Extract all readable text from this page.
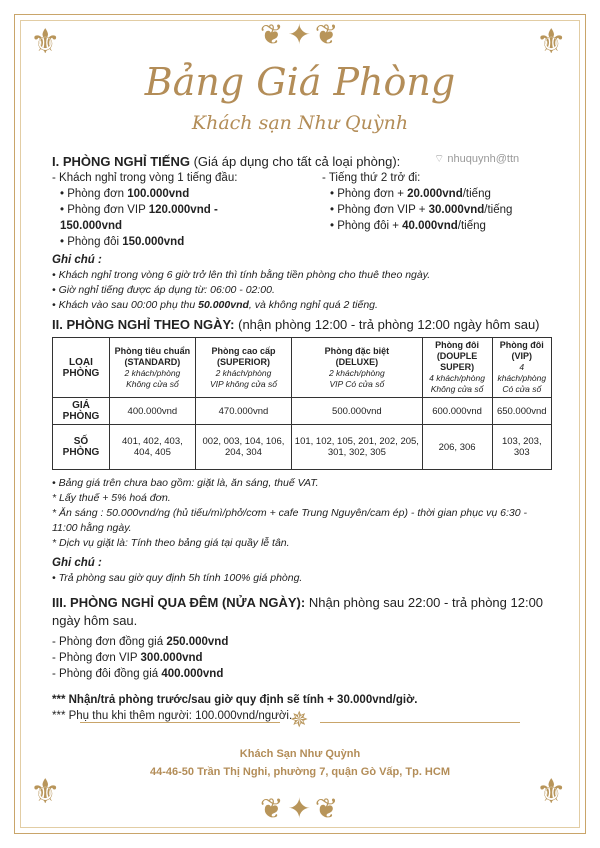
⚜	⚜
⚜	⚜
❦✦❦
❦✦❦
✵
Bảng Giá Phòng
Khách sạn Như Quỳnh
⌔ nhuquynh@ttn
I. PHÒNG NGHỈ TIẾNG (Giá áp dụng cho tất cả loại phòng):
- Khách nghỉ trong vòng 1 tiếng đầu:
• Phòng đơn 100.000vnd
• Phòng đơn VIP 120.000vnd - 150.000vnd
• Phòng đôi 150.000vnd
- Tiếng thứ 2 trở đi:
• Phòng đơn + 20.000vnd/tiếng
• Phòng đơn VIP + 30.000vnd/tiếng
• Phòng đôi + 40.000vnd/tiếng
Ghi chú :
• Khách nghỉ trong vòng 6 giờ trở lên thì tính bằng tiền phòng cho thuê theo ngày.
• Giờ nghỉ tiếng được áp dụng từ: 06:00 - 02:00.
• Khách vào sau 00:00 phụ thu 50.000vnd, và không nghỉ quá 2 tiếng.
II. PHÒNG NGHỈ THEO NGÀY: (nhận phòng 12:00 - trả phòng 12:00 ngày hôm sau)
LOẠI PHÒNG	Phòng tiêu chuẩn
(STANDARD)
2 khách/phòng
Không cửa sổ	Phòng cao cấp
(SUPERIOR)
2 khách/phòng
VIP không cửa sổ	Phòng đặc biệt
(DELUXE)
2 khách/phòng
VIP Có cửa sổ	Phòng đôi
(DOUPLE SUPER)
4 khách/phòng
Không cửa sổ	Phòng đôi
(VIP)
4 khách/phòng
Có cửa sổ
GIÁ PHÒNG	400.000vnd	470.000vnd	500.000vnd	600.000vnd	650.000vnd
SỐ PHÒNG	401, 402, 403, 404, 405	002, 003, 104, 106, 204, 304	101, 102, 105, 201, 202, 205, 301, 302, 305	206, 306	103, 203, 303
• Bảng giá trên chưa bao gồm: giặt là, ăn sáng, thuế VAT.
* Lấy thuế + 5% hoá đơn.
* Ăn sáng : 50.000vnd/ng (hủ tiếu/mì/phở/cơm + cafe Trung Nguyên/cam ép) - thời gian phục vụ 6:30 - 11:00 hằng ngày.
* Dịch vụ giặt là: Tính theo bảng giá tại quầy lễ tân.
Ghi chú :
• Trả phòng sau giờ quy định 5h tính 100% giá phòng.
III. PHÒNG NGHỈ QUA ĐÊM (NỬA NGÀY): Nhận phòng sau 22:00 - trả phòng 12:00 ngày hôm sau.
- Phòng đơn đồng giá 250.000vnd
- Phòng đơn VIP 300.000vnd
- Phòng đôi đồng giá 400.000vnd
*** Nhận/trả phòng trước/sau giờ quy định sẽ tính + 30.000vnd/giờ.
*** Phụ thu khi thêm người: 100.000vnd/người.
Khách Sạn Như Quỳnh
44-46-50 Trần Thị Nghi, phường 7, quận Gò Vấp, Tp. HCM
